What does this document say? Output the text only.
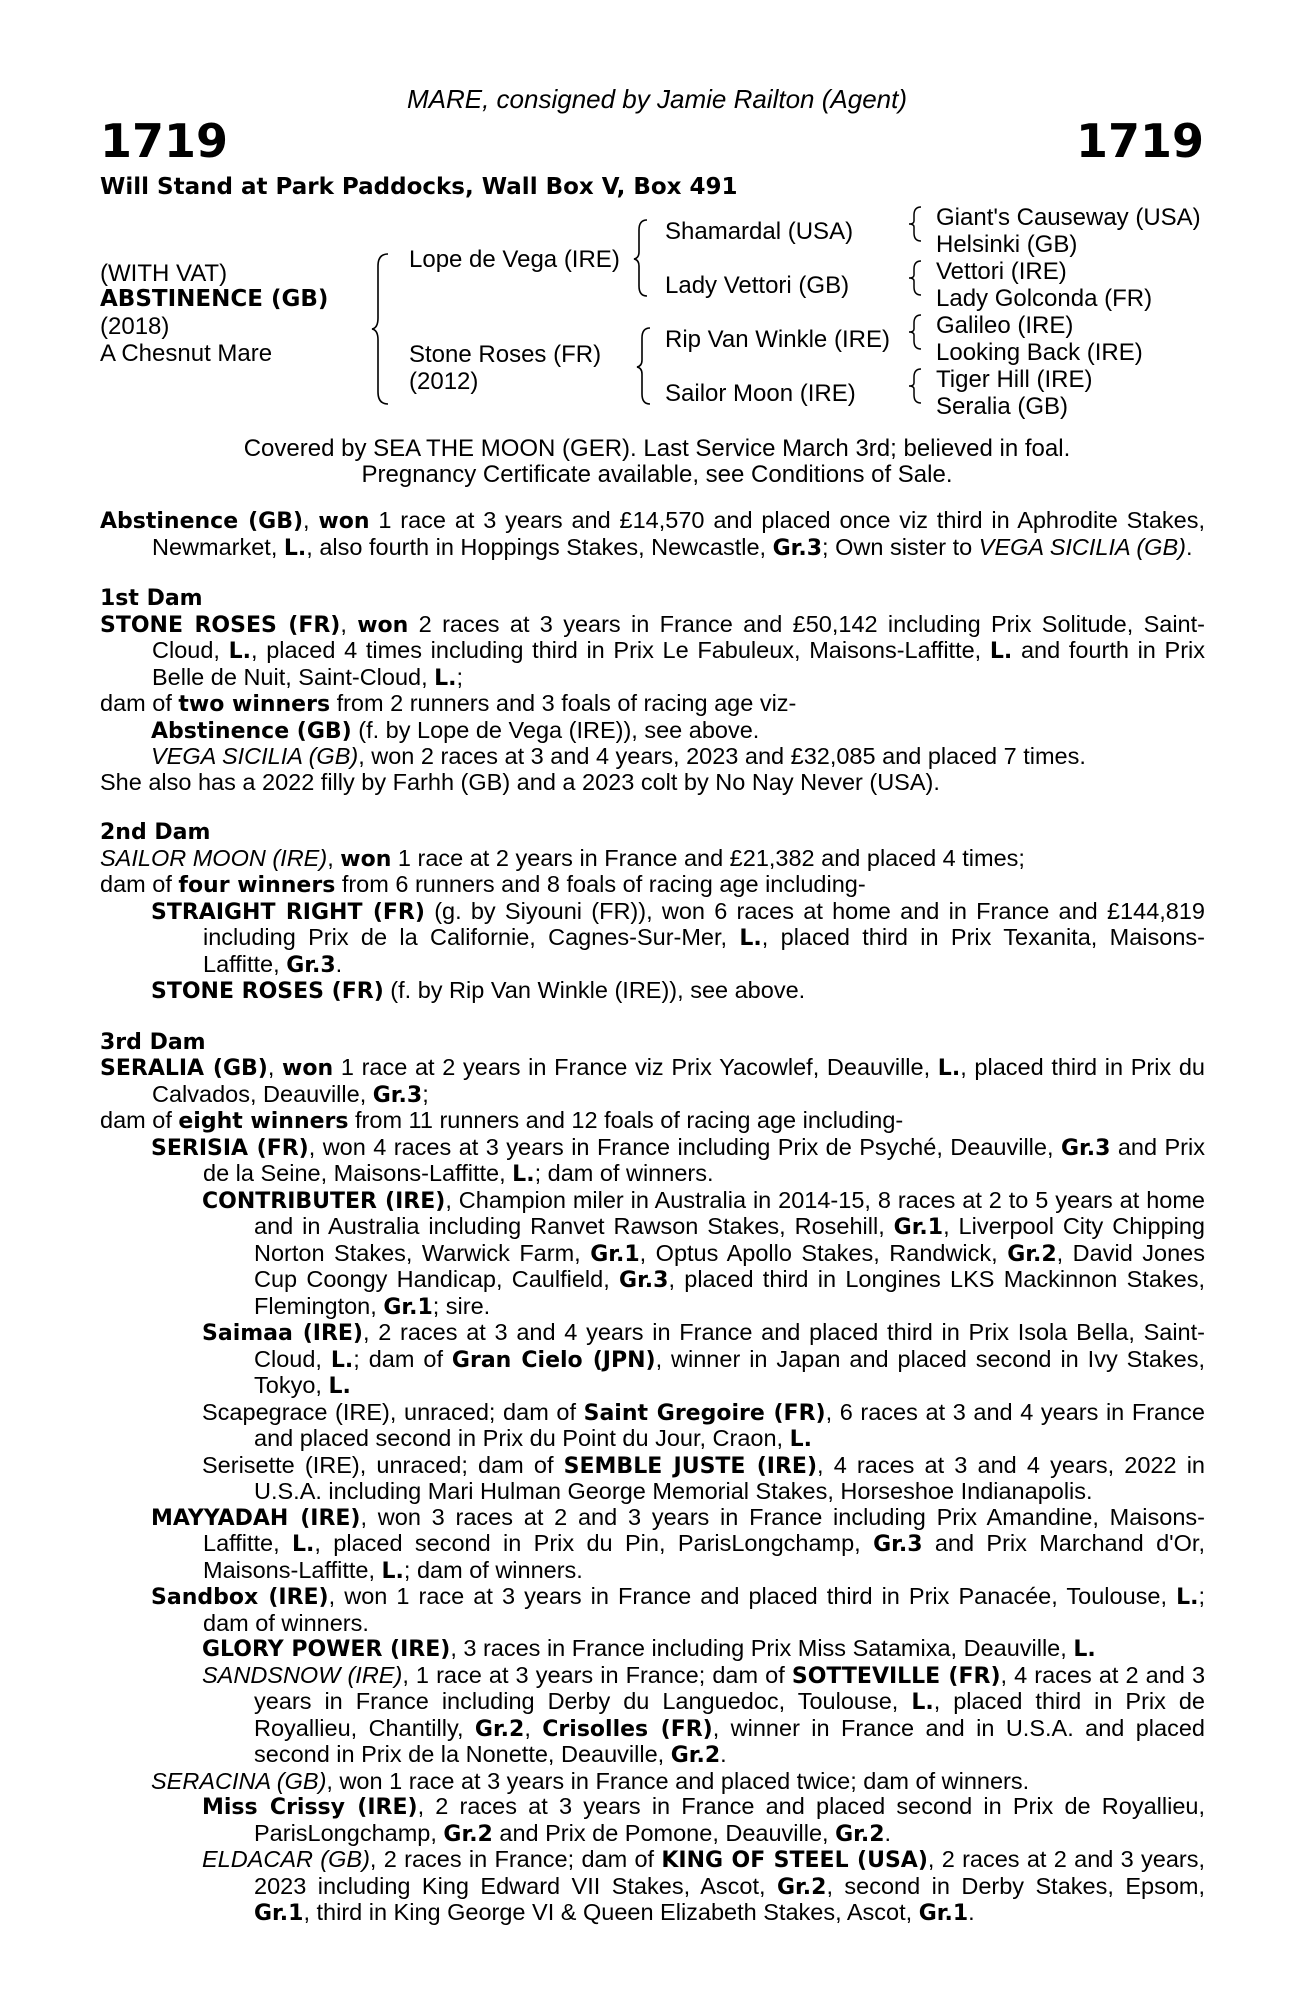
MARE, consigned by Jamie Railton (Agent)
1719	1719
Will Stand at Park Paddocks, Wall Box V, Box 491
(WITH VAT)
ABSTINENCE (GB)
(2018)
A Chesnut Mare
Lope de Vega (IRE)
Stone Roses (FR)
(2012)
Shamardal (USA)
Lady Vettori (GB)
Rip Van Winkle (IRE)
Sailor Moon (IRE)
Giant's Causeway (USA)
Helsinki (GB)
Vettori (IRE)
Lady Golconda (FR)
Galileo (IRE)
Looking Back (IRE)
Tiger Hill (IRE)
Seralia (GB)
Covered by SEA THE MOON (GER). Last Service March 3rd; believed in foal.
Pregnancy Certificate available, see Conditions of Sale.

Abstinence (GB), won 1 race at 3 years and £14,570 and placed once viz third in Aphrodite Stakes, Newmarket, L., also fourth in Hoppings Stakes, Newcastle, Gr.3; Own sister to VEGA SICILIA (GB).

1st Dam

STONE ROSES (FR), won 2 races at 3 years in France and £50,142 including Prix Solitude, Saint-Cloud, L., placed 4 times including third in Prix Le Fabuleux, Maisons-Laffitte, L. and fourth in Prix Belle de Nuit, Saint-Cloud, L.;

dam of two winners from 2 runners and 3 foals of racing age viz-

Abstinence (GB) (f. by Lope de Vega (IRE)), see above.

VEGA SICILIA (GB), won 2 races at 3 and 4 years, 2023 and £32,085 and placed 7 times.

She also has a 2022 filly by Farhh (GB) and a 2023 colt by No Nay Never (USA).

2nd Dam

SAILOR MOON (IRE), won 1 race at 2 years in France and £21,382 and placed 4 times;

dam of four winners from 6 runners and 8 foals of racing age including-

STRAIGHT RIGHT (FR) (g. by Siyouni (FR)), won 6 races at home and in France and £144,819 including Prix de la Californie, Cagnes-Sur-Mer, L., placed third in Prix Texanita, Maisons-Laffitte, Gr.3.

STONE ROSES (FR) (f. by Rip Van Winkle (IRE)), see above.

3rd Dam

SERALIA (GB), won 1 race at 2 years in France viz Prix Yacowlef, Deauville, L., placed third in Prix du Calvados, Deauville, Gr.3;

dam of eight winners from 11 runners and 12 foals of racing age including-

SERISIA (FR), won 4 races at 3 years in France including Prix de Psyché, Deauville, Gr.3 and Prix de la Seine, Maisons-Laffitte, L.; dam of winners.

CONTRIBUTER (IRE), Champion miler in Australia in 2014-15, 8 races at 2 to 5 years at home and in Australia including Ranvet Rawson Stakes, Rosehill, Gr.1, Liverpool City Chipping Norton Stakes, Warwick Farm, Gr.1, Optus Apollo Stakes, Randwick, Gr.2, David Jones Cup Coongy Handicap, Caulfield, Gr.3, placed third in Longines LKS Mackinnon Stakes, Flemington, Gr.1; sire.

Saimaa (IRE), 2 races at 3 and 4 years in France and placed third in Prix Isola Bella, Saint-Cloud, L.; dam of Gran Cielo (JPN), winner in Japan and placed second in Ivy Stakes, Tokyo, L.

Scapegrace (IRE), unraced; dam of Saint Gregoire (FR), 6 races at 3 and 4 years in France and placed second in Prix du Point du Jour, Craon, L.

Serisette (IRE), unraced; dam of SEMBLE JUSTE (IRE), 4 races at 3 and 4 years, 2022 in U.S.A. including Mari Hulman George Memorial Stakes, Horseshoe Indianapolis.

MAYYADAH (IRE), won 3 races at 2 and 3 years in France including Prix Amandine, Maisons-Laffitte, L., placed second in Prix du Pin, ParisLongchamp, Gr.3 and Prix Marchand d'Or, Maisons-Laffitte, L.; dam of winners.

Sandbox (IRE), won 1 race at 3 years in France and placed third in Prix Panacée, Toulouse, L.; dam of winners.

GLORY POWER (IRE), 3 races in France including Prix Miss Satamixa, Deauville, L.

SANDSNOW (IRE), 1 race at 3 years in France; dam of SOTTEVILLE (FR), 4 races at 2 and 3 years in France including Derby du Languedoc, Toulouse, L., placed third in Prix de Royallieu, Chantilly, Gr.2, Crisolles (FR), winner in France and in U.S.A. and placed second in Prix de la Nonette, Deauville, Gr.2.

SERACINA (GB), won 1 race at 3 years in France and placed twice; dam of winners.

Miss Crissy (IRE), 2 races at 3 years in France and placed second in Prix de Royallieu, ParisLongchamp, Gr.2 and Prix de Pomone, Deauville, Gr.2.

ELDACAR (GB), 2 races in France; dam of KING OF STEEL (USA), 2 races at 2 and 3 years, 2023 including King Edward VII Stakes, Ascot, Gr.2, second in Derby Stakes, Epsom, Gr.1, third in King George VI & Queen Elizabeth Stakes, Ascot, Gr.1.
